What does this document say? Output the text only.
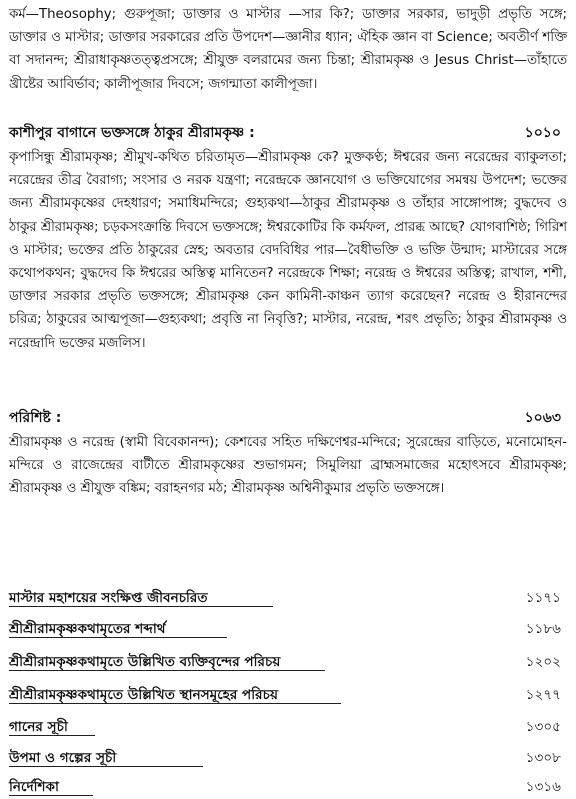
কর্ম—Theosophy; গুরুপূজা; ডাক্তার ও মাস্টার —সার কি?; ডাক্তার সরকার, ভাদুড়ী প্রভৃতি সঙ্গে; ডাক্তার ও মাস্টার; ডাক্তার সরকারের প্রতি উপদেশ—জ্ঞানীর ধ্যান; ঐহিক জ্ঞান বা Science; অবতীর্ণ শক্তি বা সদানন্দ; শ্রীরাধাকৃষ্ণতত্ত্বপ্রসঙ্গে; শ্রীযুক্ত বলরামের জন্য চিন্তা; শ্রীরামকৃষ্ণ ও Jesus Christ—তাঁহাতে খ্রীষ্টের আবির্ভাব; কালীপূজার দিবসে; জগন্মাতা কালীপূজা।

কাশীপুর বাগানে ভক্তসঙ্গে ঠাকুর শ্রীরামকৃষ্ণ :	১০১০

কৃপাসিন্ধু শ্রীরামকৃষ্ণ; শ্রীমুখ-কথিত চরিতামৃত—শ্রীরামকৃষ্ণ কে? মুক্তকণ্ঠ; ঈশ্বরের জন্য নরেন্দ্রের ব্যাকুলতা; নরেন্দ্রের তীব্র বৈরাগ্য; সংসার ও নরক যন্ত্রণা; নরেন্দ্রকে জ্ঞানযোগ ও ভক্তিযোগের সমন্বয় উপদেশ; ভক্তের জন্য শ্রীরামকৃষ্ণের দেহধারণ; সমাধিমন্দিরে; গুহ্যকথা—ঠাকুর শ্রীরামকৃষ্ণ ও তাঁহার সাঙ্গোপাঙ্গ; বুদ্ধদেব ও ঠাকুর শ্রীরামকৃষ্ণ; চড়কসংক্রান্তি দিবসে ভক্তসঙ্গে; ঈশ্বরকোটির কি কর্মফল, প্রারব্ধ আছে? যোগবাশিষ্ঠ; গিরিশ ও মাস্টার; ভক্তের প্রতি ঠাকুরের স্নেহ; অবতার বেদবিধির পার—বৈধীভক্তি ও ভক্তি উন্মাদ; মাস্টারের সঙ্গে কথোপকথন; বুদ্ধদেব কি ঈশ্বরের অস্তিত্ব মানিতেন? নরেন্দ্রকে শিক্ষা; নরেন্দ্র ও ঈশ্বরের অস্তিত্ব; রাখাল, শশী, ডাক্তার সরকার প্রভৃতি ভক্তসঙ্গে; শ্রীরামকৃষ্ণ কেন কামিনী-কাঞ্চন ত্যাগ করেছেন? নরেন্দ্র ও হীরানন্দের চরিত্র; ঠাকুরের আত্মপূজা—গুহ্যকথা; প্রবৃত্তি না নিবৃত্তি?; মাস্টার, নরেন্দ্র, শরৎ প্রভৃতি; ঠাকুর শ্রীরামকৃষ্ণ ও নরেন্দ্রাদি ভক্তের মজলিস।

পরিশিষ্ট :	১০৬৩

শ্রীরামকৃষ্ণ ও নরেন্দ্র (স্বামী বিবেকানন্দ); কেশবের সহিত দক্ষিণেশ্বর-মন্দিরে; সুরেন্দ্রের বাড়িতে, মনোমোহন-মন্দিরে ও রাজেন্দ্রের বাটীতে শ্রীরামকৃষ্ণের শুভাগমন; সিমুলিয়া ব্রাহ্মসমাজের মহোৎসবে শ্রীরামকৃষ্ণ; শ্রীরামকৃষ্ণ ও শ্রীযুক্ত বঙ্কিম; বরাহনগর মঠ; শ্রীরামকৃষ্ণ অশ্বিনীকুমার প্রভৃতি ভক্তসঙ্গে।

মাস্টার মহাশয়ের সংক্ষিপ্ত জীবনচরিত	১১৭১
শ্রীশ্রীরামকৃষ্ণকথামৃতের শব্দার্থ	১১৮৬
শ্রীশ্রীরামকৃষ্ণকথামৃতে উল্লিখিত ব্যক্তিবৃন্দের পরিচয়	১২০২
শ্রীশ্রীরামকৃষ্ণকথামৃতে উল্লিখিত স্থানসমূহের পরিচয়	১২৭৭
গানের সূচী	১৩০৫
উপমা ও গল্পের সূচী	১৩০৮
নির্দেশিকা	১৩১৬
